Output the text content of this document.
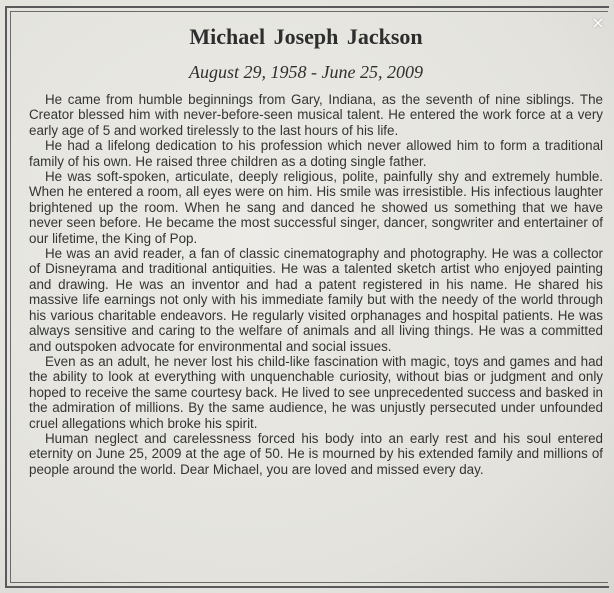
×
Michael Joseph Jackson
August 29, 1958 - June 25, 2009

He came from humble beginnings from Gary, Indiana, as the seventh of nine siblings. The Creator blessed him with never-before-seen musical talent. He entered the work force at a very early age of 5 and worked tirelessly to the last hours of his life.

He had a lifelong dedication to his profession which never allowed him to form a traditional family of his own. He raised three children as a doting single father.

He was soft-spoken, articulate, deeply religious, polite, painfully shy and extremely humble. When he entered a room, all eyes were on him. His smile was irresistible. His infectious laughter brightened up the room. When he sang and danced he showed us something that we have never seen before. He became the most successful singer, dancer, songwriter and entertainer of our lifetime, the King of Pop.

He was an avid reader, a fan of classic cinematography and photography. He was a collector of Disneyrama and traditional antiquities. He was a talented sketch artist who enjoyed painting and drawing. He was an inventor and had a patent registered in his name. He shared his massive life earnings not only with his immediate family but with the needy of the world through his various charitable endeavors. He regularly visited orphanages and hospital patients. He was always sensitive and caring to the welfare of animals and all living things. He was a committed and outspoken advocate for environmental and social issues.

Even as an adult, he never lost his child-like fascination with magic, toys and games and had the ability to look at everything with unquenchable curiosity, without bias or judgment and only hoped to receive the same courtesy back. He lived to see unprecedented success and basked in the admiration of millions. By the same audience, he was unjustly persecuted under unfounded cruel allegations which broke his spirit.

Human neglect and carelessness forced his body into an early rest and his soul entered eternity on June 25, 2009 at the age of 50. He is mourned by his extended family and millions of people around the world. Dear Michael, you are loved and missed every day.
